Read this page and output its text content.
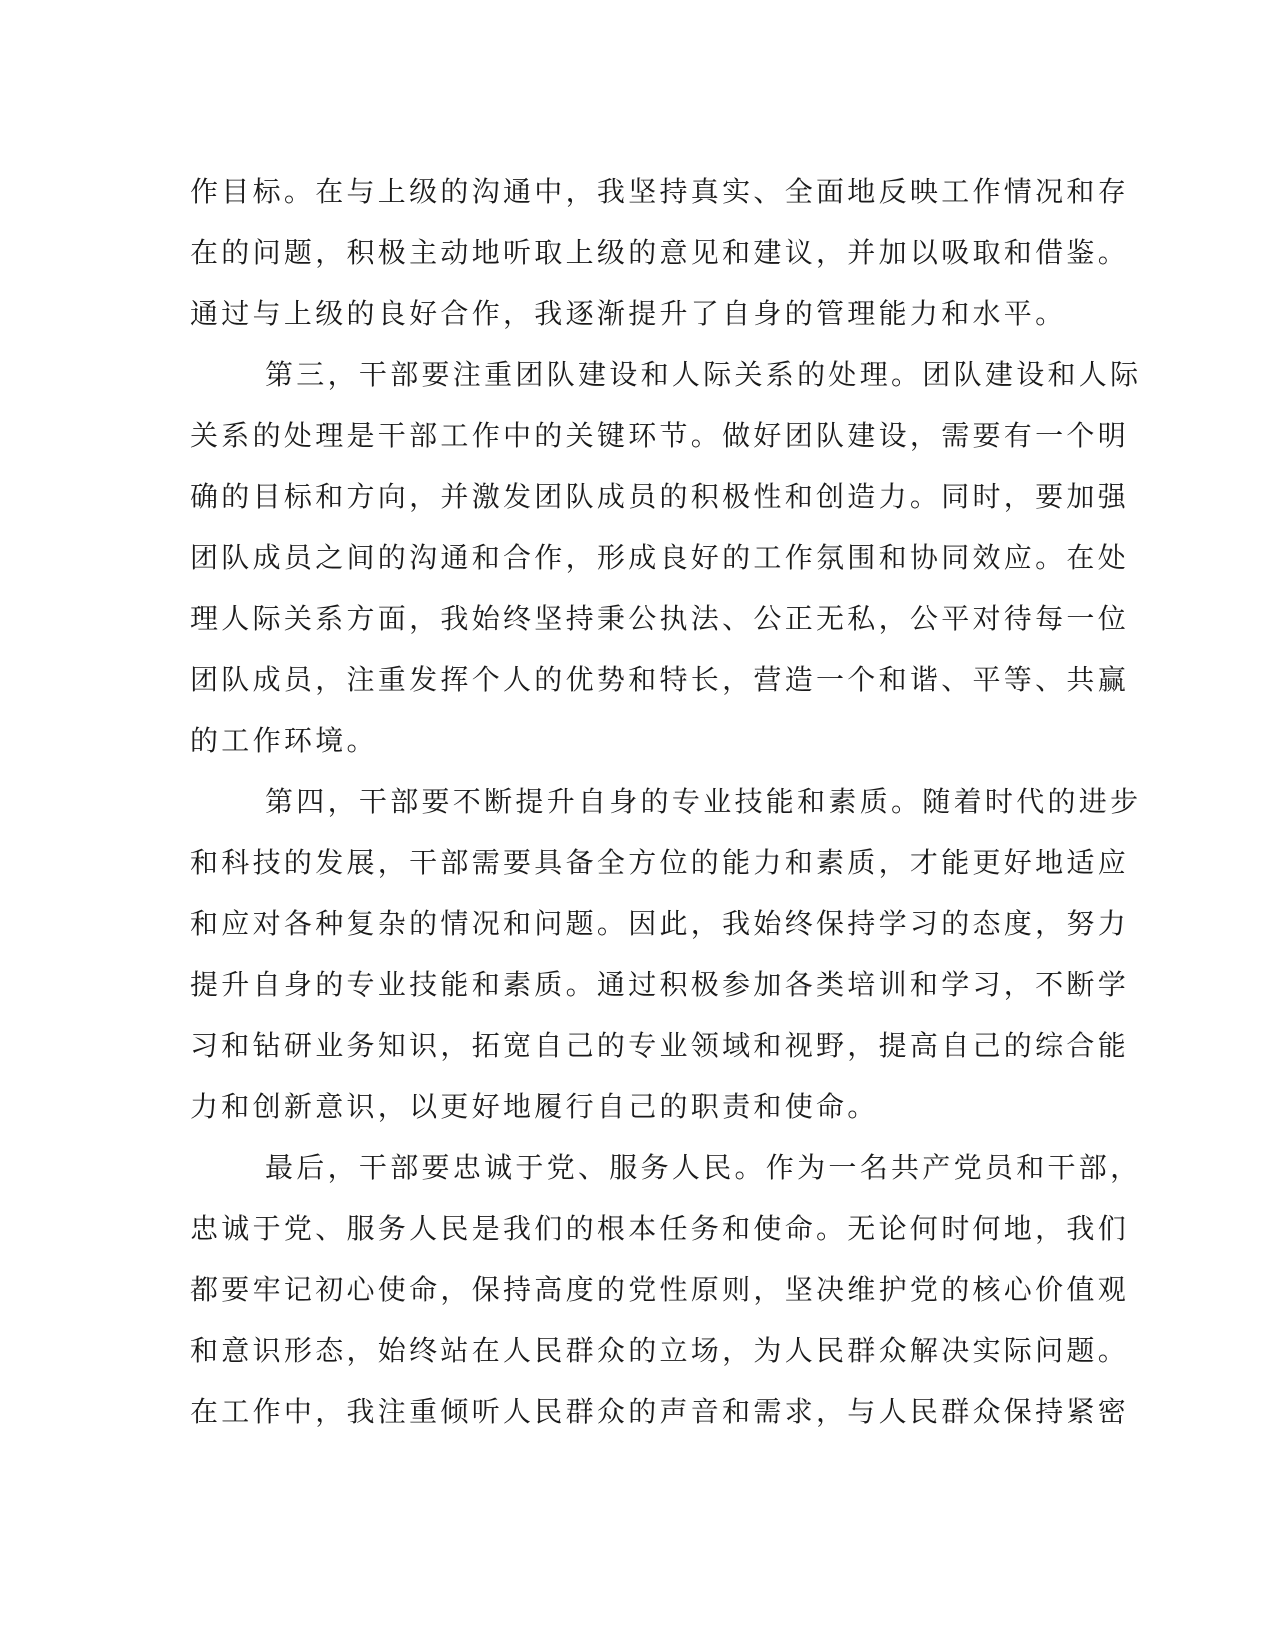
作目标。在与上级的沟通中，我坚持真实、全面地反映工作情况和存
在的问题，积极主动地听取上级的意见和建议，并加以吸取和借鉴。
通过与上级的良好合作，我逐渐提升了自身的管理能力和水平。
第三，干部要注重团队建设和人际关系的处理。团队建设和人际
关系的处理是干部工作中的关键环节。做好团队建设，需要有一个明
确的目标和方向，并激发团队成员的积极性和创造力。同时，要加强
团队成员之间的沟通和合作，形成良好的工作氛围和协同效应。在处
理人际关系方面，我始终坚持秉公执法、公正无私，公平对待每一位
团队成员，注重发挥个人的优势和特长，营造一个和谐、平等、共赢
的工作环境。
第四，干部要不断提升自身的专业技能和素质。随着时代的进步
和科技的发展，干部需要具备全方位的能力和素质，才能更好地适应
和应对各种复杂的情况和问题。因此，我始终保持学习的态度，努力
提升自身的专业技能和素质。通过积极参加各类培训和学习，不断学
习和钻研业务知识，拓宽自己的专业领域和视野，提高自己的综合能
力和创新意识，以更好地履行自己的职责和使命。
最后，干部要忠诚于党、服务人民。作为一名共产党员和干部，
忠诚于党、服务人民是我们的根本任务和使命。无论何时何地，我们
都要牢记初心使命，保持高度的党性原则，坚决维护党的核心价值观
和意识形态，始终站在人民群众的立场，为人民群众解决实际问题。
在工作中，我注重倾听人民群众的声音和需求，与人民群众保持紧密
